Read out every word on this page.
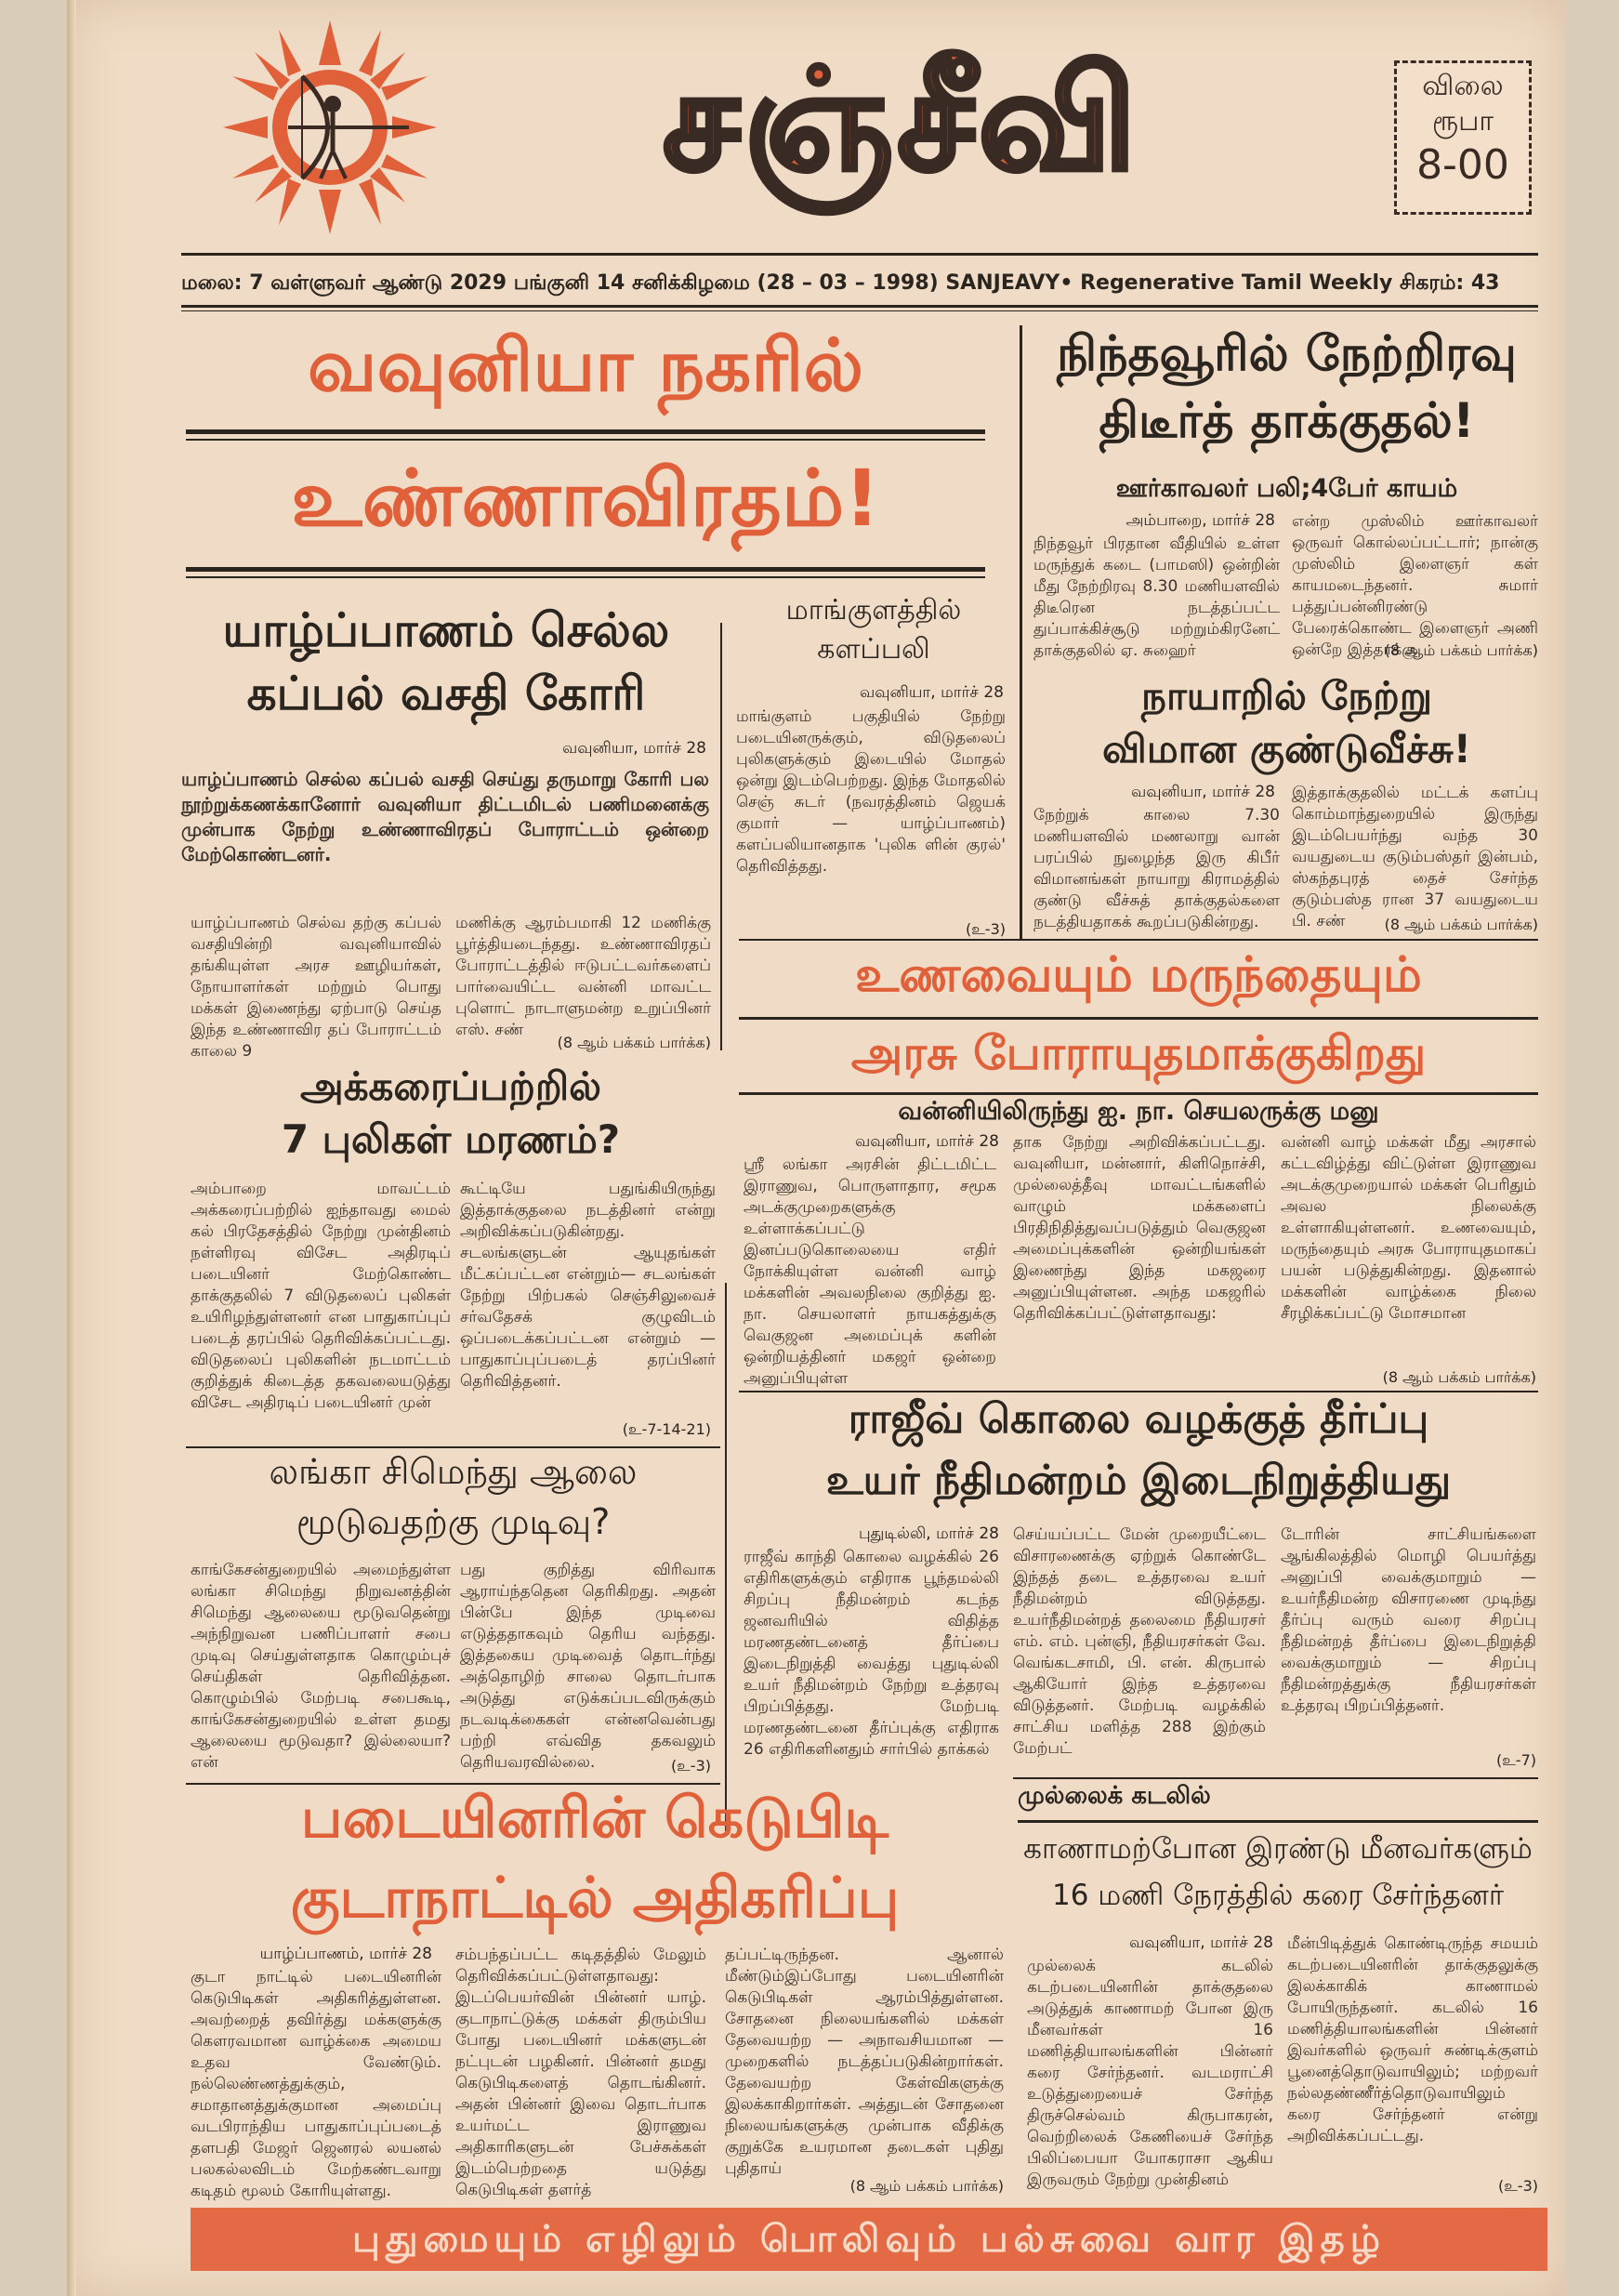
சஞ்சீவி	விலை
ரூபா
8-00
மலை: 7 வள்ளுவர் ஆண்டு 2029 பங்குனி 14 சனிக்கிழமை (28 – 03 – 1998) SANJEAVY• Regenerative Tamil Weekly சிகரம்: 43
வவுனியா நகரில்
உண்ணாவிரதம்!
யாழ்ப்பாணம் செல்ல
கப்பல் வசதி கோரி
வவுனியா, மார்ச் 28
யாழ்ப்பாணம் செல்ல கப்பல் வசதி செய்து தருமாறு கோரி பல நூற்றுக்கணக்கானோர் வவுனியா திட்டமிடல் பணிமனைக்கு முன்பாக நேற்று உண்ணாவிரதப் போராட்டம் ஒன்றை மேற்கொண்டனர்.
யாழ்ப்பாணம் செல்வ தற்கு கப்பல் வசதியின்றி வவுனியாவில் தங்கியுள்ள அரச ஊழியர்கள், நோயாளர்கள் மற்றும் பொது மக்கள் இணைந்து ஏற்பாடு செய்த இந்த உண்ணாவிர தப் போராட்டம் காலை 9
மணிக்கு ஆரம்பமாகி 12 மணிக்கு பூர்த்தியடைந்தது. உண்ணாவிரதப் போராட்டத்தில் ஈடுபட்டவர்களைப் பார்வையிட்ட வன்னி மாவட்ட புளொட் நாடாளுமன்ற உறுப்பினர் எஸ். சண்
(8 ஆம் பக்கம் பார்க்க)
மாங்குளத்தில்
களப்பலி
வவுனியா, மார்ச் 28
மாங்குளம் பகுதியில் நேற்று படையினருக்கும், விடுதலைப் புலிகளுக்கும் இடையில் மோதல் ஒன்று இடம்பெற்றது. இந்த மோதலில் செஞ் சுடர் (நவரத்தினம் ஜெயக் குமார் — யாழ்ப்பாணம்) களப்பலியானதாக 'புலிக ளின் குரல்' தெரிவித்தது.
(உ-3)
நிந்தவூரில் நேற்றிரவு
திடீர்த் தாக்குதல்!
ஊர்காவலர் பலி;4பேர் காயம்
அம்பாறை, மார்ச் 28
நிந்தவூர் பிரதான வீதியில் உள்ள மருந்துக் கடை (பாமஸி) ஒன்றின் மீது நேற்றிரவு 8.30 மணியளவில் திடீரென நடத்தப்பட்ட துப்பாக்கிச்சூடு மற்றும்கிரனேட் தாக்குதலில் ஏ. சுஹைர்
என்ற முஸ்லிம் ஊர்காவலர் ஒருவர் கொல்லப்பட்டார்; நான்கு முஸ்லிம் இளைஞர் கள் காயமடைந்தனர். சுமார் பத்துப்பன்னிரண்டு பேரைக்கொண்ட இளைஞர் அணி ஒன்றே இத்தாக்கு
(8 ஆம் பக்கம் பார்க்க)
நாயாறில் நேற்று
விமான குண்டுவீச்சு!
வவுனியா, மார்ச் 28
நேற்றுக் காலை 7.30 மணியளவில் மணலாறு வான் பரப்பில் நுழைந்த இரு கிபீர் விமானங்கள் நாயாறு கிராமத்தில் குண்டு வீச்சுத் தாக்குதல்களை நடத்தியதாகக் கூறப்படுகின்றது.
இத்தாக்குதலில் மட்டக் களப்பு கொம்மாந்துறையில் இருந்து இடம்பெயர்ந்து வந்த 30 வயதுடைய குடும்பஸ்தர் இன்பம், ஸ்கந்தபுரத் தைச் சேர்ந்த குடும்பஸ்த ரான 37 வயதுடைய பி. சண்	(8 ஆம் பக்கம் பார்க்க)
உணவையும் மருந்தையும்
அரசு போராயுதமாக்குகிறது
வன்னியிலிருந்து ஐ. நா. செயலருக்கு மனு
வவுனியா, மார்ச் 28
ஸ்ரீ லங்கா அரசின் திட்டமிட்ட இராணுவ, பொருளாதார, சமூக அடக்குமுறைகளுக்கு உள்ளாக்கப்பட்டு இனப்படுகொலையை எதிர் நோக்கியுள்ள வன்னி வாழ் மக்களின் அவலநிலை குறித்து ஐ. நா. செயலாளர் நாயகத்துக்கு வெகுஜன அமைப்புக் களின் ஒன்றியத்தினர் மகஜர் ஒன்றை அனுப்பியுள்ள
தாக நேற்று அறிவிக்கப்பட்டது. வவுனியா, மன்னார், கிளிநொச்சி, முல்லைத்தீவு மாவட்டங்களில் வாழும் மக்களைப் பிரதிநிதித்துவப்படுத்தும் வெகுஜன அமைப்புக்களின் ஒன்றியங்கள் இணைந்து இந்த மகஜரை அனுப்பியுள்ளன. அந்த மகஜரில் தெரிவிக்கப்பட்டுள்ளதாவது:
வன்னி வாழ் மக்கள் மீது அரசால் கட்டவிழ்த்து விட்டுள்ள இராணுவ அடக்குமுறையால் மக்கள் பெரிதும் அவல நிலைக்கு உள்ளாகியுள்ளனர். உணவையும், மருந்தையும் அரசு போராயுதமாகப் பயன் படுத்துகின்றது. இதனால் மக்களின் வாழ்க்கை நிலை சீரழிக்கப்பட்டு மோசமான
(8 ஆம் பக்கம் பார்க்க)
அக்கரைப்பற்றில்
7 புலிகள் மரணம்?
அம்பாறை மாவட்டம் அக்கரைப்பற்றில் ஐந்தாவது மைல் கல் பிரதேசத்தில் நேற்று முன்தினம் நள்ளிரவு விசேட அதிரடிப் படையினர் மேற்கொண்ட தாக்குதலில் 7 விடுதலைப் புலிகள் உயிரிழந்துள்ளனர் என பாதுகாப்புப் படைத் தரப்பில் தெரிவிக்கப்பட்டது. விடுதலைப் புலிகளின் நடமாட்டம் குறித்துக் கிடைத்த தகவலையடுத்து விசேட அதிரடிப் படையினர் முன்
கூட்டியே பதுங்கியிருந்து இத்தாக்குதலை நடத்தினர் என்று அறிவிக்கப்படுகின்றது. சடலங்களுடன் ஆயுதங்கள் மீட்கப்பட்டன என்றும்— சடலங்கள் நேற்று பிற்பகல் செஞ்சிலுவைச் சர்வதேசக் குழுவிடம் ஒப்படைக்கப்பட்டன என்றும் — பாதுகாப்புப்படைத் தரப்பினர் தெரிவித்தனர்.
(உ-7-14-21)
லங்கா சிமெந்து ஆலை
மூடுவதற்கு முடிவு?
காங்கேசன்துறையில் அமைந்துள்ள லங்கா சிமெந்து நிறுவனத்தின் சிமெந்து ஆலையை மூடுவதென்று அந்நிறுவன பணிப்பாளர் சபை முடிவு செய்துள்ளதாக கொழும்புச் செய்திகள் தெரிவித்தன. கொழும்பில் மேற்படி சபைகூடி, காங்கேசன்துறையில் உள்ள தமது ஆலையை மூடுவதா? இல்லையா? என்
பது குறித்து விரிவாக ஆராய்ந்ததென தெரிகிறது. அதன் பின்பே இந்த முடிவை எடுத்ததாகவும் தெரிய வந்தது. இத்தகைய முடிவைத் தொடர்ந்து அத்தொழிற் சாலை தொடர்பாக அடுத்து எடுக்கப்படவிருக்கும் நடவடிக்கைகள் என்னவென்பது பற்றி எவ்வித தகவலும் தெரியவரவில்லை.	(உ-3)
ராஜீவ் கொலை வழக்குத் தீர்ப்பு
உயர் நீதிமன்றம் இடைநிறுத்தியது
புதுடில்லி, மார்ச் 28
ராஜீவ் காந்தி கொலை வழக்கில் 26 எதிரிகளுக்கும் எதிராக பூந்தமல்லி சிறப்பு நீதிமன்றம் கடந்த ஜனவரியில் விதித்த மரணதண்டனைத் தீர்ப்பை இடைநிறுத்தி வைத்து புதுடில்லி உயர் நீதிமன்றம் நேற்று உத்தரவு பிறப்பித்தது. மேற்படி மரணதண்டனை தீர்ப்புக்கு எதிராக 26 எதிரிகளினதும் சார்பில் தாக்கல்
செய்யப்பட்ட மேன் முறையீட்டை விசாரணைக்கு ஏற்றுக் கொண்டே இந்தத் தடை உத்தரவை உயர் நீதிமன்றம் விடுத்தது. உயர்நீதிமன்றத் தலைமை நீதியரசர் எம். எம். புன்ஞி, நீதியரசர்கள் வே. வெங்கடசாமி, பி. என். கிருபால் ஆகியோர் இந்த உத்தரவை விடுத்தனர். மேற்படி வழக்கில் சாட்சிய மளித்த 288 இற்கும் மேற்பட்
டோரின் சாட்சியங்களை ஆங்கிலத்தில் மொழி பெயர்த்து அனுப்பி வைக்குமாறும் — உயர்நீதிமன்ற விசாரணை முடிந்து தீர்ப்பு வரும் வரை சிறப்பு நீதிமன்றத் தீர்ப்பை இடைநிறுத்தி வைக்குமாறும் — சிறப்பு நீதிமன்றத்துக்கு நீதியரசர்கள் உத்தரவு பிறப்பித்தனர்.
(உ-7)
படையினரின் கெடுபிடி
குடாநாட்டில் அதிகரிப்பு
யாழ்ப்பாணம், மார்ச் 28
குடா நாட்டில் படையினரின் கெடுபிடிகள் அதிகரித்துள்ளன. அவற்றைத் தவிர்த்து மக்களுக்கு கௌரவமான வாழ்க்கை அமைய உதவ வேண்டும். நல்லெண்ணத்துக்கும், சமாதானத்துக்குமான அமைப்பு வடபிராந்திய பாதுகாப்புப்படைத் தளபதி மேஜர் ஜெனரல் லயனல் பலகல்லவிடம் மேற்கண்டவாறு கடிதம் மூலம் கோரியுள்ளது.
சம்பந்தப்பட்ட கடிதத்தில் மேலும் தெரிவிக்கப்பட்டுள்ளதாவது: இடப்பெயர்வின் பின்னர் யாழ். குடாநாட்டுக்கு மக்கள் திரும்பிய போது படையினர் மக்களுடன் நட்புடன் பழகினர். பின்னர் தமது கெடுபிடிகளைத் தொடங்கினர். அதன் பின்னர் இவை தொடர்பாக உயர்மட்ட இராணுவ அதிகாரிகளுடன் பேச்சுக்கள் இடம்பெற்றதை யடுத்து கெடுபிடிகள் தளர்த்
தப்பட்டிருந்தன. ஆனால் மீண்டும்இப்போது படையினரின் கெடுபிடிகள் ஆரம்பித்துள்ளன. சோதனை நிலையங்களில் மக்கள் தேவையற்ற — அநாவசியமான — முறைகளில் நடத்தப்படுகின்றார்கள். தேவையற்ற கேள்விகளுக்கு இலக்காகிறார்கள். அத்துடன் சோதனை நிலையங்களுக்கு முன்பாக வீதிக்கு குறுக்கே உயரமான தடைகள் புதிது புதிதாய்
(8 ஆம் பக்கம் பார்க்க)
முல்லைக் கடலில்
காணாமற்போன இரண்டு மீனவர்களும்
16 மணி நேரத்தில் கரை சேர்ந்தனர்
வவுனியா, மார்ச் 28
முல்லைக் கடலில் கடற்படையினரின் தாக்குதலை அடுத்துக் காணாமற் போன இரு மீனவர்கள் 16 மணித்தியாலங்களின் பின்னர் கரை சேர்ந்தனர். வடமராட்சி உடுத்துறையைச் சேர்ந்த திருச்செல்வம் கிருபாகரன், வெற்றிலைக் கேணியைச் சேர்ந்த பிலிப்பையா யோகராசா ஆகிய இருவரும் நேற்று முன்தினம்
மீன்பிடித்துக் கொண்டிருந்த சமயம் கடற்படையினரின் தாக்குதலுக்கு இலக்காகிக் காணாமல் போயிருந்தனர். கடலில் 16 மணித்தியாலங்களின் பின்னர் இவர்களில் ஒருவர் சுண்டிக்குளம் பூனைத்தொடுவாயிலும்; மற்றவர் நல்லதண்ணீர்த்தொடுவாயிலும் கரை சேர்ந்தனர் என்று அறிவிக்கப்பட்டது.
(உ-3)
புதுமையும் எழிலும் பொலிவும் பல்சுவை வார இதழ்
